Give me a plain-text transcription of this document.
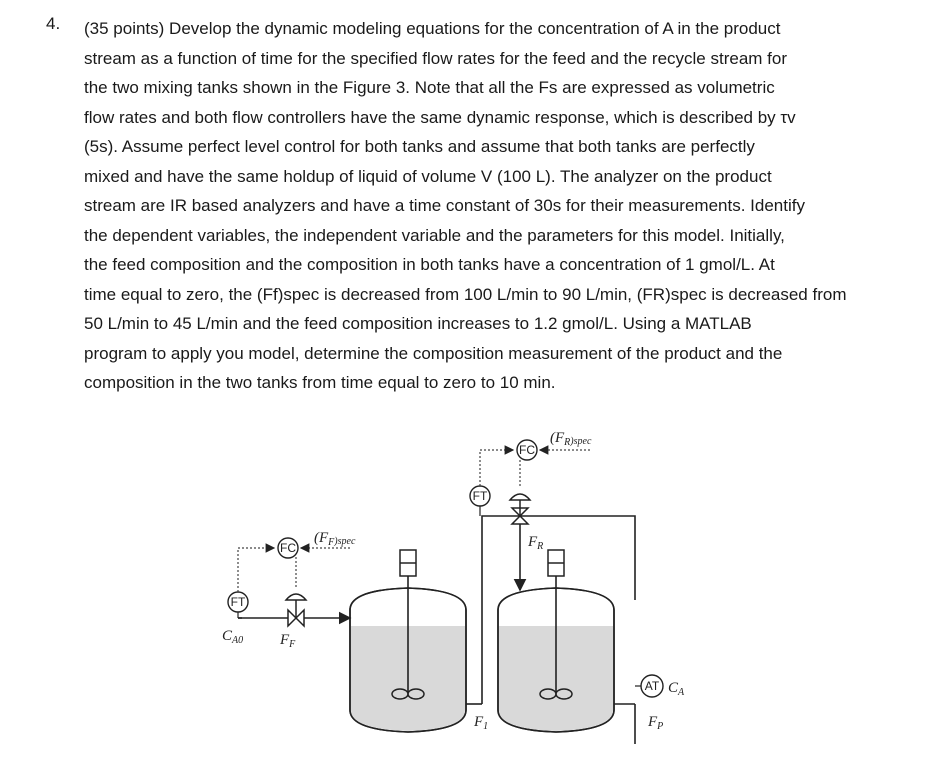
4. (35 points) Develop the dynamic modeling equations for the concentration of A in the product
stream as a function of time for the specified flow rates for the feed and the recycle stream for
the two mixing tanks shown in the Figure 3. Note that all the Fs are expressed as volumetric
flow rates and both flow controllers have the same dynamic response, which is described by τv
(5s). Assume perfect level control for both tanks and assume that both tanks are perfectly
mixed and have the same holdup of liquid of volume V (100 L). The analyzer on the product
stream are IR based analyzers and have a time constant of 30s for their measurements. Identify
the dependent variables, the independent variable and the parameters for this model. Initially,
the feed composition and the composition in both tanks have a concentration of 1 gmol/L. At
time equal to zero, the (Ff)spec is decreased from 100 L/min to 90 L/min, (FR)spec is decreased from
50 L/min to 45 L/min and the feed composition increases to 1.2 gmol/L. Using a MATLAB
program to apply you model, determine the composition measurement of the product and the
composition in the two tanks from time equal to zero to 10 min.
FT
FC
(FF)spec
CA0 FF
F1
FT
FC
(FR)spec
FR
AT CA
FP
